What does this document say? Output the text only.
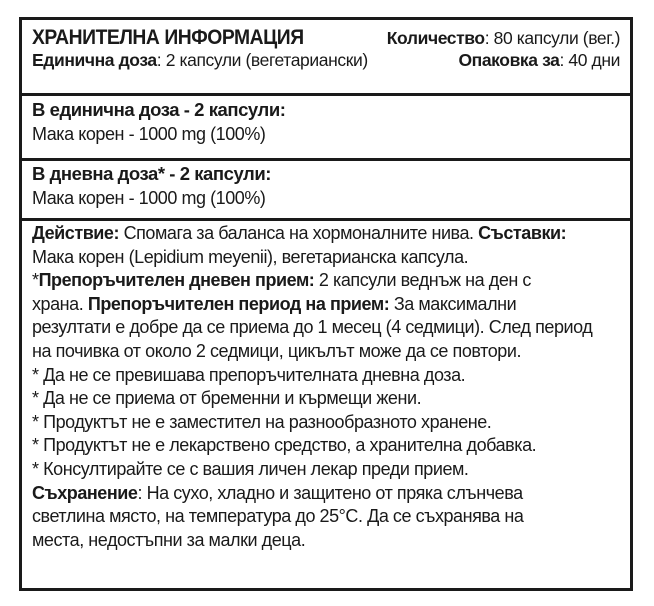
ХРАНИТЕЛНА ИНФОРМАЦИЯ	Количество: 80 капсули (вег.)
Единична доза: 2 капсули (вегетариански)	Опаковка за: 40 дни
В единична доза - 2 капсули:
Мака корен - 1000 mg (100%)
В дневна доза* - 2 капсули:
Мака корен - 1000 mg (100%)
Действие: Спомага за баланса на хормоналните нива. Съставки:
Мака корен (Lepidium meyenii), вегетарианска капсула.
*Препоръчителен дневен прием: 2 капсули веднъж на ден с
храна. Препоръчителен период на прием: За максимални
резултати е добре да се приема до 1 месец (4 седмици). След период
на почивка от около 2 седмици, цикълът може да се повтори.
* Да не се превишава препоръчителната дневна доза.
* Да не се приема от бременни и кърмещи жени.
* Продуктът не е заместител на разнообразното хранене.
* Продуктът не е лекарствено средство, а хранителна добавка.
* Консултирайте се с вашия личен лекар преди прием.
Съхранение: На сухо, хладно и защитено от пряка слънчева
светлина място, на температура до 25°C. Да се съхранява на
места, недостъпни за малки деца.
